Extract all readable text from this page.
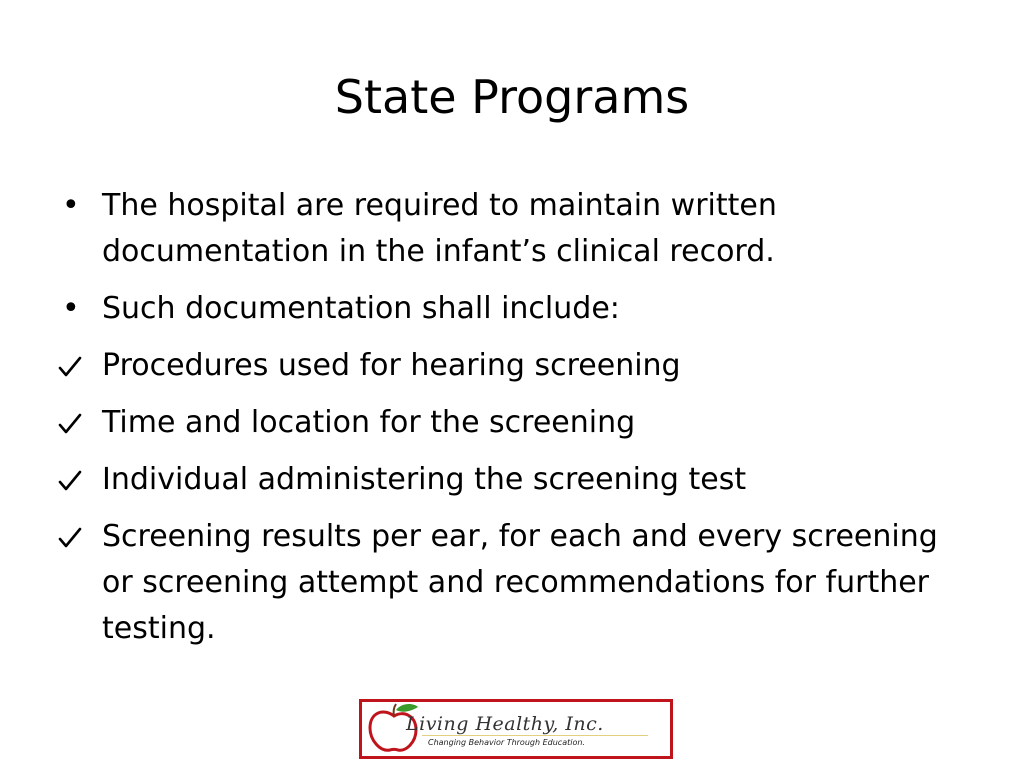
State Programs
• The hospital are required to maintain written documentation in the infant’s clinical record.
• Such documentation shall include:
Procedures used for hearing screening
Time and location for the screening
Individual administering the screening test
Screening results per ear, for each and every screening or screening attempt and recommendations for further testing.
Living Healthy, Inc.
Changing Behavior Through Education.
